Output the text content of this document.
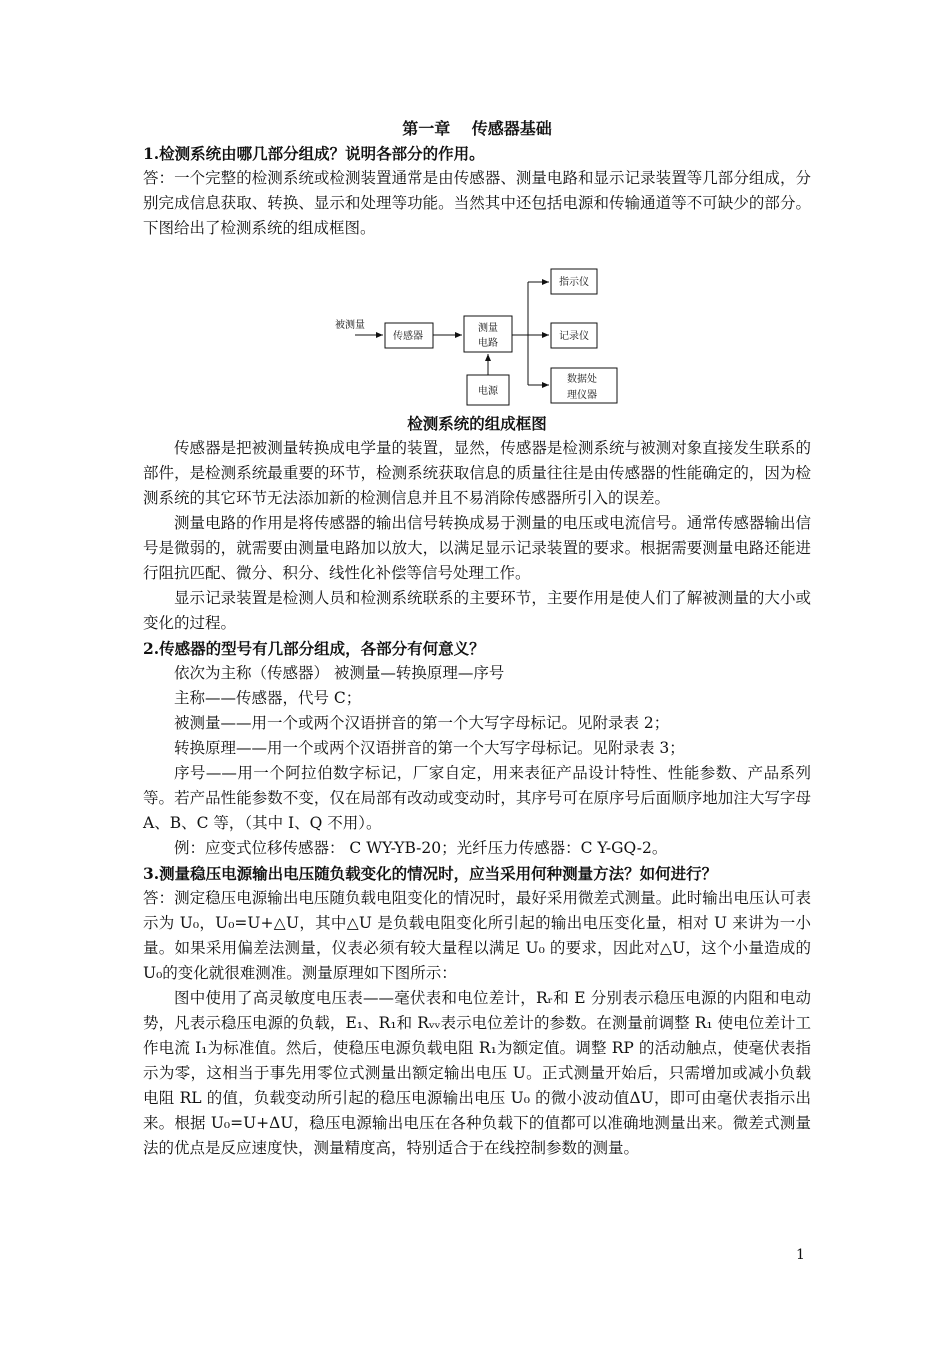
第一章　 传感器基础

1.检测系统由哪几部分组成？说明各部分的作用。

答：一个完整的检测系统或检测装置通常是由传感器、测量电路和显示记录装置等几部分组成，分别完成信息获取、转换、显示和处理等功能。当然其中还包括电源和传输通道等不可缺少的部分。下图给出了检测系统的组成框图。

被测量
传感器
测量
电路
电源
指示仪
记录仪
数据处
理仪器

检测系统的组成框图

传感器是把被测量转换成电学量的装置，显然，传感器是检测系统与被测对象直接发生联系的部件，是检测系统最重要的环节，检测系统获取信息的质量往往是由传感器的性能确定的，因为检测系统的其它环节无法添加新的检测信息并且不易消除传感器所引入的误差。

测量电路的作用是将传感器的输出信号转换成易于测量的电压或电流信号。通常传感器输出信号是微弱的，就需要由测量电路加以放大，以满足显示记录装置的要求。根据需要测量电路还能进行阻抗匹配、微分、积分、线性化补偿等信号处理工作。

显示记录装置是检测人员和检测系统联系的主要环节，主要作用是使人们了解被测量的大小或变化的过程。

2.传感器的型号有几部分组成，各部分有何意义？

依次为主称（传感器） 被测量—转换原理—序号

主称——传感器，代号 C；

被测量——用一个或两个汉语拼音的第一个大写字母标记。见附录表 2；

转换原理——用一个或两个汉语拼音的第一个大写字母标记。见附录表 3；

序号——用一个阿拉伯数字标记，厂家自定，用来表征产品设计特性、性能参数、产品系列等。若产品性能参数不变，仅在局部有改动或变动时，其序号可在原序号后面顺序地加注大写字母 A、B、C 等，（其中 I、Q 不用）。

例：应变式位移传感器： C WY-YB-20；光纤压力传感器：C Y-GQ-2。

3.测量稳压电源输出电压随负载变化的情况时，应当采用何种测量方法？如何进行？

答：测定稳压电源输出电压随负载电阻变化的情况时，最好采用微差式测量。此时输出电压认可表示为 U₀，U₀=U+△U，其中△U 是负载电阻变化所引起的输出电压变化量，相对 U 来讲为一小量。如果采用偏差法测量，仪表必须有较大量程以满足 U₀ 的要求，因此对△U，这个小量造成的 U₀的变化就很难测准。测量原理如下图所示：

图中使用了高灵敏度电压表——毫伏表和电位差计，Rᵣ和 E 分别表示稳压电源的内阻和电动势，凡表示稳压电源的负载，E₁、R₁和 Rᵥᵥ表示电位差计的参数。在测量前调整 R₁ 使电位差计工作电流 I₁为标准值。然后，使稳压电源负载电阻 R₁为额定值。调整 RP 的活动触点，使毫伏表指示为零，这相当于事先用零位式测量出额定输出电压 U。正式测量开始后，只需增加或减小负载电阻 RL 的值，负载变动所引起的稳压电源输出电压 U₀ 的微小波动值ΔU，即可由毫伏表指示出来。根据 U₀=U+ΔU，稳压电源输出电压在各种负载下的值都可以准确地测量出来。微差式测量法的优点是反应速度快，测量精度高，特别适合于在线控制参数的测量。

1
